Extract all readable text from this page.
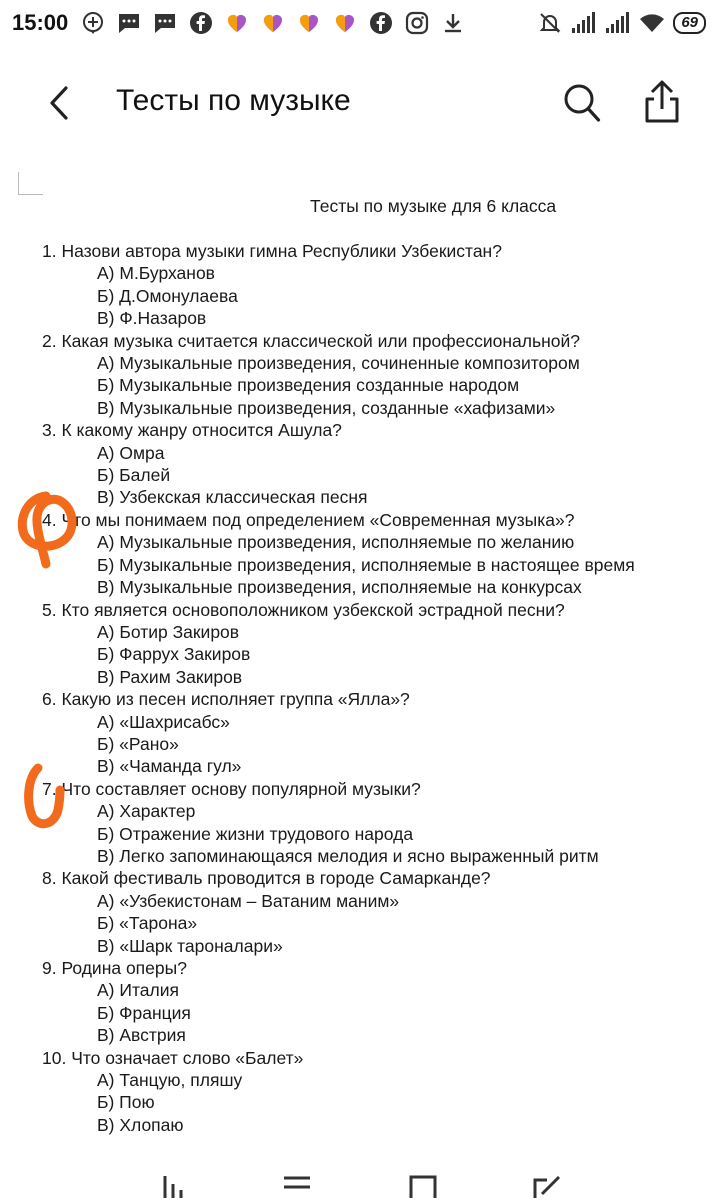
15:00	69
Тесты по музыке
Тесты по музыке для 6 класса
1. Назови автора музыки гимна Республики Узбекистан?
А) М.Бурханов
Б) Д.Омонулаева
В) Ф.Назаров
2. Какая музыка считается классической или профессиональной?
А) Музыкальные произведения, сочиненные композитором
Б) Музыкальные произведения созданные народом
В) Музыкальные произведения, созданные «хафизами»
3. К какому жанру относится Ашула?
А) Омра
Б) Балей
В) Узбекская классическая песня
4. Что мы понимаем под определением «Современная музыка»?
А) Музыкальные произведения, исполняемые по желанию
Б) Музыкальные произведения, исполняемые в настоящее время
В) Музыкальные произведения, исполняемые на конкурсах
5. Кто является основоположником узбекской эстрадной песни?
А) Ботир Закиров
Б) Фаррух Закиров
В) Рахим Закиров
6. Какую из песен исполняет группа «Ялла»?
А) «Шахрисабс»
Б) «Рано»
В) «Чаманда гул»
7. Что составляет основу популярной музыки?
А) Характер
Б) Отражение жизни трудового народа
В) Легко запоминающаяся мелодия и ясно выраженный ритм
8. Какой фестиваль проводится в городе Самарканде?
А) «Узбекистонам – Ватаним маним»
Б) «Тарона»
В) «Шарк тароналари»
9. Родина оперы?
А) Италия
Б) Франция
В) Австрия
10. Что означает слово «Балет»
А) Танцую, пляшу
Б) Пою
В) Хлопаю
